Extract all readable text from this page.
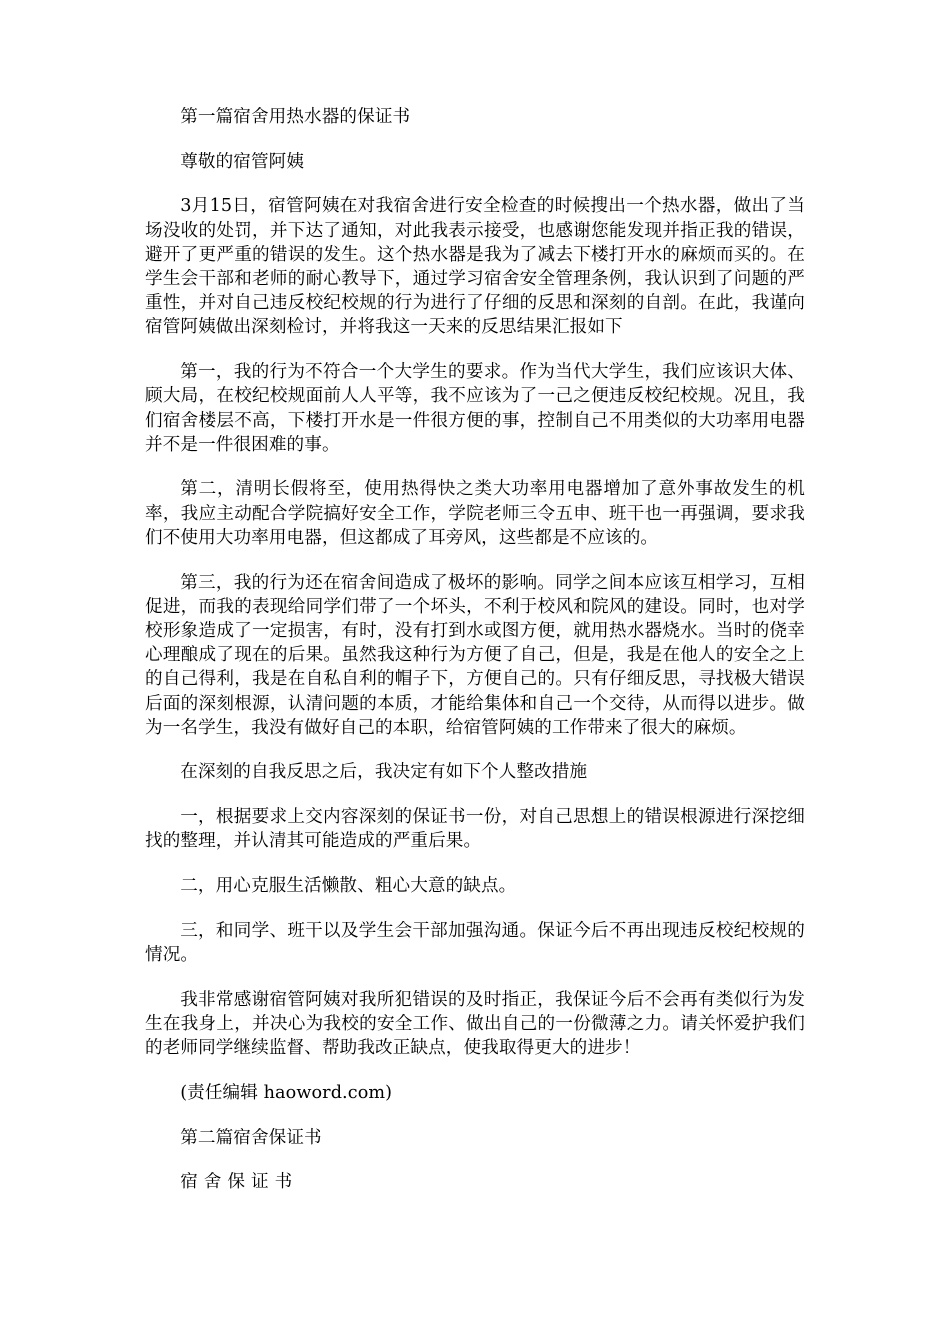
第一篇宿舍用热水器的保证书

尊敬的宿管阿姨

3月15日，宿管阿姨在对我宿舍进行安全检查的时候搜出一个热水器，做出了当场没收的处罚，并下达了通知，对此我表示接受，也感谢您能发现并指正我的错误，避开了更严重的错误的发生。这个热水器是我为了减去下楼打开水的麻烦而买的。在学生会干部和老师的耐心教导下，通过学习宿舍安全管理条例，我认识到了问题的严重性，并对自己违反校纪校规的行为进行了仔细的反思和深刻的自剖。在此，我谨向宿管阿姨做出深刻检讨，并将我这一天来的反思结果汇报如下

第一，我的行为不符合一个大学生的要求。作为当代大学生，我们应该识大体、顾大局，在校纪校规面前人人平等，我不应该为了一己之便违反校纪校规。况且，我们宿舍楼层不高，下楼打开水是一件很方便的事，控制自己不用类似的大功率用电器并不是一件很困难的事。

第二，清明长假将至，使用热得快之类大功率用电器增加了意外事故发生的机率，我应主动配合学院搞好安全工作，学院老师三令五申、班干也一再强调，要求我们不使用大功率用电器，但这都成了耳旁风，这些都是不应该的。

第三，我的行为还在宿舍间造成了极坏的影响。同学之间本应该互相学习，互相促进，而我的表现给同学们带了一个坏头，不利于校风和院风的建设。同时，也对学校形象造成了一定损害，有时，没有打到水或图方便，就用热水器烧水。当时的侥幸心理酿成了现在的后果。虽然我这种行为方便了自己，但是，我是在他人的安全之上的自己得利，我是在自私自利的帽子下，方便自己的。只有仔细反思，寻找极大错误后面的深刻根源，认清问题的本质，才能给集体和自己一个交待，从而得以进步。做为一名学生，我没有做好自己的本职，给宿管阿姨的工作带来了很大的麻烦。

在深刻的自我反思之后，我决定有如下个人整改措施

一，根据要求上交内容深刻的保证书一份，对自己思想上的错误根源进行深挖细找的整理，并认清其可能造成的严重后果。

二，用心克服生活懒散、粗心大意的缺点。

三，和同学、班干以及学生会干部加强沟通。保证今后不再出现违反校纪校规的情况。

我非常感谢宿管阿姨对我所犯错误的及时指正，我保证今后不会再有类似行为发生在我身上，并决心为我校的安全工作、做出自己的一份微薄之力。请关怀爱护我们的老师同学继续监督、帮助我改正缺点，使我取得更大的进步！

(责任编辑 haoword.com)

第二篇宿舍保证书

宿舍保证书
